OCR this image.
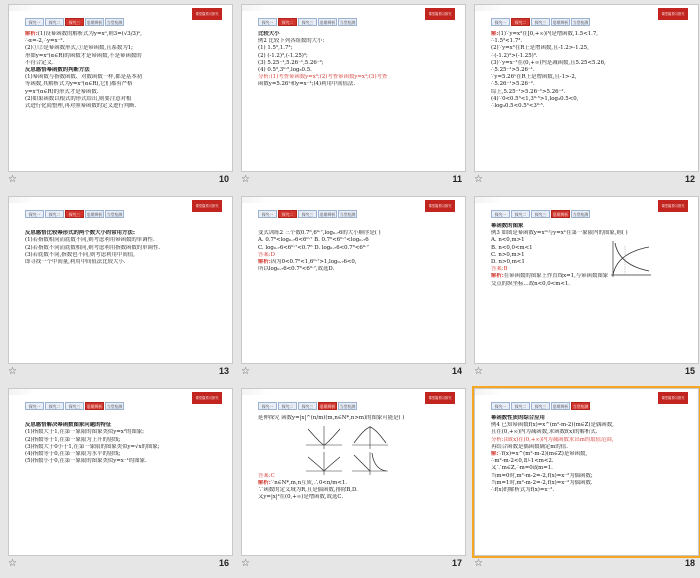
探究一	探究二	探究三	思维辨析	当堂检测
课堂篇预习探究
解析:(1)设幂函数的解析式为y=xᵅ,则3=(√3/3)ᵅ,
∴α=-2,∴y=x⁻².
(2)①②是幂函数形式,①是幂函数,且系数为1;
形如y=xᵅ(α∈R)的函数才是幂函数,不是幂函数的
不符合定义.
反思感悟幂函数的判断方法
(1)幂函数与指数函数、对数函数一样,都是基本初
等函数,其解析式为y=xᵅ(α∈R),它们都有严格
y=xᵅ(α∈R)的形式才是幂函数.
(2)如果函数以根式的形式给出,则要注意对根
式进行化简整理,再对照幂函数的定义进行判断.
☆	10
探究一	探究二	探究三	思维辨析	当堂检测
课堂篇预习探究
比较大小
例2 比较下列各组数的大小:
(1) 1.5³,1.7³;
(2) (-1.2)³,(-1.25)³;
(3) 5.25⁻¹,5.26⁻¹,5.26⁻²;
(4) 0.5³,3⁰·⁵,log₃0.5.
分析:(1)考查幂函数y=x³;(2)考查幂函数y=x³;(3)考查
函数y=5.26ˣ和y=x⁻¹;(4)利用中间值法.
☆	11
探究一	探究二	探究三	思维辨析	当堂检测
课堂篇预习探究
解:(1)∵y=x³在[0,+∞)内是增函数,1.5<1.7,
∴1.5³<1.7³.
(2)∵y=x³在R上是增函数,且-1.2>-1.25,
∴(-1.2)³>(-1.25)³.
(3)∵y=x⁻¹在(0,+∞)内是减函数,且5.25<5.26,
∴5.25⁻¹>5.26⁻¹.
∵y=5.26ˣ在R上是增函数,且-1>-2,
∴5.26⁻¹>5.26⁻².
综上,5.25⁻¹>5.26⁻¹>5.26⁻².
(4)∵0<0.5³<1,3⁰·⁵>1,log₃0.5<0,
∴log₃0.5<0.5³<3⁰·⁵.
☆	12
探究一	探究二	探究三	思维辨析	当堂检测
课堂篇预习探究

反思感悟比较幂形式的两个数大小的常用方法:
(1)若指数相同而底数不同,则考虑利用幂函数的单调性.
(2)若指数不同而底数相同,则考虑利用指数函数的单调性.
(3)若底数不同,指数也不同,则考虑利用中间值,
即寻找一个中间量,利用中间值法比较大小.
☆	13
探究一	探究二	探究三	思维辨析	当堂检测
课堂篇预习探究

变式训练2 三个数0.7⁶,6⁰·⁷,log₀.₇6的大小顺序是( )
A. 0.7⁶<log₀.₇6<6⁰·⁷ B. 0.7⁶<6⁰·⁷<log₀.₇6
C. log₀.₇6<6⁰·⁷<0.7⁶ D. log₀.₇6<0.7⁶<6⁰·⁷
答案:D
解析:因为0<0.7⁶<1,6⁰·⁷>1,log₀.₇6<0,
所以log₀.₇6<0.7⁶<6⁰·⁷,故选D.
☆	14
探究一	探究二	探究三	思维辨析	当堂检测
课堂篇预习探究
幂函数的图象
例3 如图是幂函数y=xᵐ与y=xⁿ在第一象限内的图象,则( )
A. n<0,m>1
B. n<0,0<m<1
C. n>0,m>1
D. n>0,m<1
答案:B
解析:在幂函数的图象上作直线x=1,与幂函数图象
交点的纵坐标…故n<0,0<m<1.
☆	15
探究一	探究二	探究三	思维辨析	当堂检测
课堂篇预习探究

反思感悟解决幂函数图象问题的特征
(1)指数大于1,在第一象限的图象类似y=x²的图象;
(2)指数等于1,在第一象限为上升的射线;
(3)指数大于0小于1,在第一象限的图象类似y=√x的图象;
(4)指数等于0,在第一象限为水平的射线;
(5)指数小于0,在第一象限的图象类似y=x⁻¹的图象.
☆	16
探究一	探究二	探究三	思维辨析	当堂检测
课堂篇预习探究
延伸探究 函数y=|x|^(n/m)(m,n∈N*,n>m)的图象可能是( )

答案:C
解析:∵n∈N*,m,n互质,∴0<n/m<1.
∵函数的定义域为R,且是偶函数,排除B,D.
又y=|x|ᵏ在(0,+∞)是增函数,故选C.
☆	17
探究一	探究二	探究三	思维辨析	当堂检测
课堂篇预习探究
幂函数性质的综合应用
例4 已知幂函数f(x)=x^(m²-m-2)(m∈Z)是偶函数,
且在(0,+∞)内为减函数,求函数f(x)的解析式.
分析:由f(x)在(0,+∞)内为减函数求出m的取值范围,
再结合函数是偶函数确定m的值.
解:∵f(x)=x^(m²-m-2)(m∈Z)是幂函数,
∴m²-m-2<0,即-1<m<2.
又∵m∈Z,∴m=0或m=1.
当m=0时,m²-m-2=-2,f(x)=x⁻²为偶函数;
当m=1时,m²-m-2=-2,f(x)=x⁻²为偶函数.
∴f(x)的解析式为f(x)=x⁻².
☆	18
